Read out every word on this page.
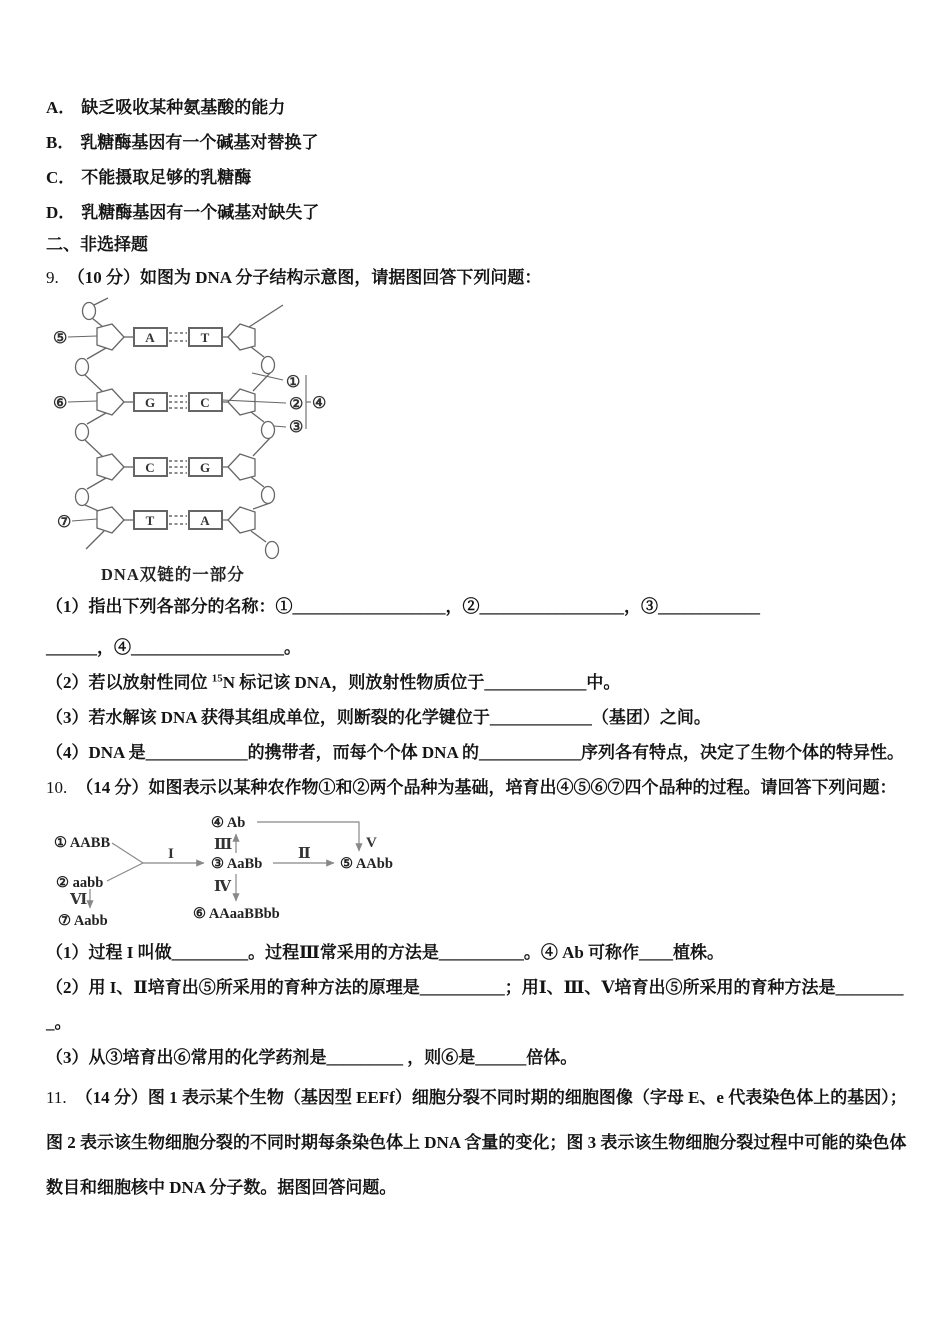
A． 缺乏吸收某种氨基酸的能力
B． 乳糖酶基因有一个碱基对替换了
C． 不能摄取足够的乳糖酶
D． 乳糖酶基因有一个碱基对缺失了
二、非选择题
9. （10 分）如图为 DNA 分子结构示意图，请据图回答下列问题：
A	T
G	C
C	G
T	A
⑤
⑥
⑦
①
②
③
④
DNA双链的一部分
（1）指出下列各部分的名称：①__________________，②_________________，③____________
______，④__________________。
（2）若以放射性同位 $^{15}$N 标记该 DNA，则放射性物质位于____________中。
（3）若水解该 DNA 获得其组成单位，则断裂的化学键位于____________（基团）之间。
（4）DNA 是____________的携带者，而每个个体 DNA 的____________序列各有特点，决定了生物个体的特异性。
10. （14 分）如图表示以某种农作物①和②两个品种为基础，培育出④⑤⑥⑦四个品种的过程。请回答下列问题：
① AABB
② aabb
③ AaBb
④ Ab
⑤ AAbb
⑥ AAaaBBbb
⑦ Aabb
I	Ⅱ
Ⅲ
Ⅳ
V
Ⅵ
（1）过程 I 叫做_________。过程Ⅲ常采用的方法是__________。④ Ab 可称作____植株。
（2）用 I、Ⅱ培育出⑤所采用的育种方法的原理是__________；用Ⅰ、Ⅲ、Ⅴ培育出⑤所采用的育种方法是________
_。
（3）从③培育出⑥常用的化学药剂是_________ ，则⑥是______倍体。
11. （14 分）图 1 表示某个生物（基因型 EEFf）细胞分裂不同时期的细胞图像（字母 E、e 代表染色体上的基因）；
图 2 表示该生物细胞分裂的不同时期每条染色体上 DNA 含量的变化；图 3 表示该生物细胞分裂过程中可能的染色体
数目和细胞核中 DNA 分子数。据图回答问题。
